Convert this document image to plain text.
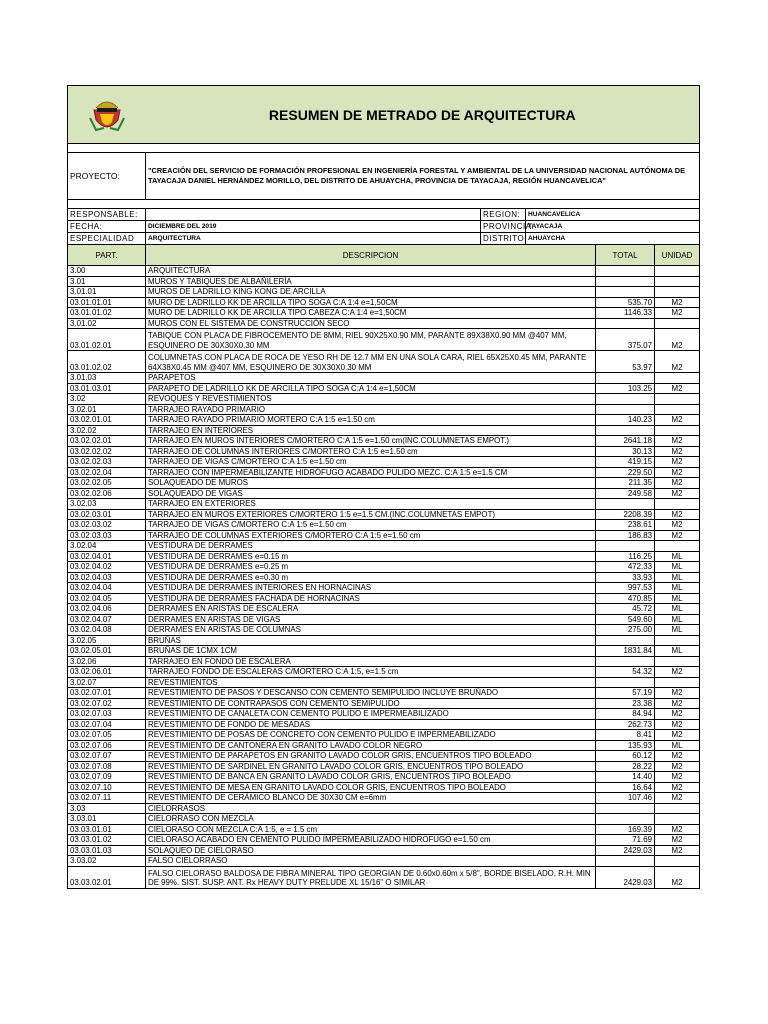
	RESUMEN DE METRADO DE ARQUITECTURA				

PROYECTO:	"CREACIÓN DEL SERVICIO DE FORMACIÓN PROFESIONAL EN INGENIERÍA FORESTAL Y AMBIENTAL DE LA UNIVERSIDAD NACIONAL AUTÓNOMA DE TAYACAJA DANIEL HERNÁNDEZ MORILLO, DEL DISTRITO DE AHUAYCHA, PROVINCIA DE TAYACAJA, REGIÓN HUANCAVELICA"				

RESPONSABLE:		REGION:	HUANCAVELICA		
FECHA:	DICIEMBRE DEL 2019	PROVINCIA:	TAYACAJA		
ESPECIALIDAD	ARQUITECTURA	DISTRITO	AHUAYCHA		
PART.	DESCRIPCION			TOTAL	UNIDAD
3.00	ARQUITECTURA				
3.01	MUROS Y TABIQUES DE ALBAÑILERÍA				
3.01.01	MUROS DE LADRILLO KING KONG DE ARCILLA				
03.01.01.01	MURO DE LADRILLO KK DE ARCILLA TIPO SOGA C:A 1:4 e=1,50CM			535.70	M2
03.01.01.02	MURO DE LADRILLO KK DE ARCILLA TIPO CABEZA C:A 1:4 e=1,50CM			1146.33	M2
3.01.02	MUROS CON EL SISTEMA DE CONSTRUCCIÓN SECO				
03.01.02.01	TABIQUE CON PLACA DE FIBROCEMENTO DE 8MM, RIEL 90X25X0.90 MM, PARANTE 89X38X0.90 MM @407 MM, ESQUINERO DE 30X30X0.30 MM			375.07	M2
03.01.02.02	COLUMNETAS CON PLACA DE ROCA DE YESO RH DE 12.7 MM EN UNA SOLA CARA, RIEL 65X25X0.45 MM, PARANTE 64X38X0.45 MM @407 MM, ESQUINERO DE 30X30X0.30 MM			53.97	M2
3.01.03	PARAPETOS				
03.01.03.01	PARAPETO DE LADRILLO KK DE ARCILLA TIPO SOGA C:A 1:4 e=1,50CM			103.25	M2
3.02	REVOQUES Y REVESTIMIENTOS				
3.02.01	TARRAJEO RAYADO PRIMARIO				
03.02.01.01	TARRAJEO RAYADO PRIMARIO MORTERO C:A 1:5 e=1.50 cm			140.23	M2
3.02.02	TARRAJEO EN INTERIORES				
03.02.02.01	TARRAJEO EN MUROS INTERIORES C/MORTERO C:A 1:5 e=1.50 cm(INC.COLUMNETAS EMPOT.)			2641.18	M2
03.02.02.02	TARRAJEO DE COLUMNAS INTERIORES C/MORTERO C:A 1:5 e=1.50 cm			30.13	M2
03.02.02.03	TARRAJEO DE VIGAS C/MORTERO C:A 1:5 e=1.50 cm			419.15	M2
03.02.02.04	TARRAJEO CON IMPERMEABILIZANTE HIDRÓFUGO ACABADO PULIDO MEZC. C:A 1:5 e=1.5 CM			229.50	M2
03.02.02.05	SOLAQUEADO DE MUROS			211.35	M2
03.02.02.06	SOLAQUEADO DE VIGAS			249.58	M2
3.02.03	TARRAJEO EN EXTERIORES				
03.02.03.01	TARRAJEO EN MUROS EXTERIORES C/MORTERO 1:5 e=1.5 CM.(INC.COLUMNETAS EMPOT)			2208.39	M2
03.02.03.02	TARRAJEO DE VIGAS C/MORTERO C:A 1:5 e=1.50 cm			238.61	M2
03.02.03.03	TARRAJEO DE COLUMNAS EXTERIORES C/MORTERO C:A 1:5 e=1.50 cm			186.83	M2
3.02.04	VESTIDURA DE DERRAMES				
03.02.04.01	VESTIDURA DE DERRAMES e=0.15 m			116.25	ML
03.02.04.02	VESTIDURA DE DERRAMES e=0.25 m			472.33	ML
03.02.04.03	VESTIDURA DE DERRAMES e=0.30 m			33.93	ML
03.02.04.04	VESTIDURA DE DERRAMES INTERIORES EN HORNACINAS			997.53	ML
03.02.04.05	VESTIDURA DE DERRAMES FACHADA DE HORNACINAS			470.85	ML
03.02.04.06	DERRAMES EN ARISTAS DE ESCALERA			45.72	ML
03.02.04.07	DERRAMES EN ARISTAS DE VIGAS			549.60	ML
03.02.04.08	DERRAMES EN ARISTAS DE COLUMNAS			275.00	ML
3.02.05	BRUÑAS				
03.02.05.01	BRUÑAS DE 1CMX 1CM			1831.84	ML
3.02.06	TARRAJEO EN FONDO DE ESCALERA				
03.02.06.01	TARRAJEO FONDO DE ESCALERAS C/MORTERO C:A 1:5, e=1.5 cm			54.32	M2
3.02.07	REVESTIMIENTOS				
03.02.07.01	REVESTIMIENTO DE PASOS Y DESCANSO CON CEMENTO SEMIPULIDO INCLUYE BRUÑADO			57.19	M2
03.02.07.02	REVESTIMIENTO DE CONTRAPASOS CON CEMENTO SEMIPULIDO			23.38	M2
03.02.07.03	REVESTIMIENTO DE CANALETA CON CEMENTO PULIDO E IMPERMEABILIZADO			84.94	M2
03.02.07.04	REVESTIMIENTO DE FONDO DE MESADAS			262.73	M2
03.02.07.05	REVESTIMIENTO DE POSAS DE CONCRETO CON CEMENTO PULIDO E IMPERMEABILIZADO			8.41	M2
03.02.07.06	REVESTIMIENTO DE CANTONERA EN GRANITO LAVADO COLOR NEGRO			135.93	ML
03.02.07.07	REVESTIMIENTO DE PARAPETOS EN GRANITO LAVADO COLOR GRIS, ENCUENTROS TIPO BOLEADO			60.12	M2
03.02.07.08	REVESTIMIENTO DE SARDINEL EN GRANITO LAVADO COLOR GRIS, ENCUENTROS TIPO BOLEADO			28.22	M2
03.02.07.09	REVESTIMIENTO DE BANCA EN GRANITO LAVADO COLOR GRIS, ENCUENTROS TIPO BOLEADO			14.40	M2
03.02.07.10	REVESTIMIENTO DE MESA EN GRANITO LAVADO COLOR GRIS, ENCUENTROS TIPO BOLEADO			16.64	M2
03.02.07.11	REVESTIMIENTO DE CERÁMICO BLANCO DE 30X30 CM e=6mm			107.46	M2
3.03	CIELORRASOS				
3.03.01	CIELORRASO CON MEZCLA				
03.03.01.01	CIELORASO CON MEZCLA C:A 1:5, e = 1.5 cm			169.39	M2
03.03.01.02	CIELORASO ACABADO EN CEMENTO PULIDO IMPERMEABILIZADO HIDROFUGO e=1.50 cm			71.69	M2
03.03.01.03	SOLAQUEO DE CIELORASO			2429.03	M2
3.03.02	FALSO CIELORRASO				
03.03.02.01	FALSO CIELORASO BALDOSA DE FIBRA MINERAL TIPO GEORGIAN DE 0.60x0.60m x 5/8", BORDE BISELADO, R.H. MIN DE 99%. SIST. SUSP. ANT. Rx HEAVY DUTY PRELUDE XL 15/16" O SIMILAR			2429.03	M2
